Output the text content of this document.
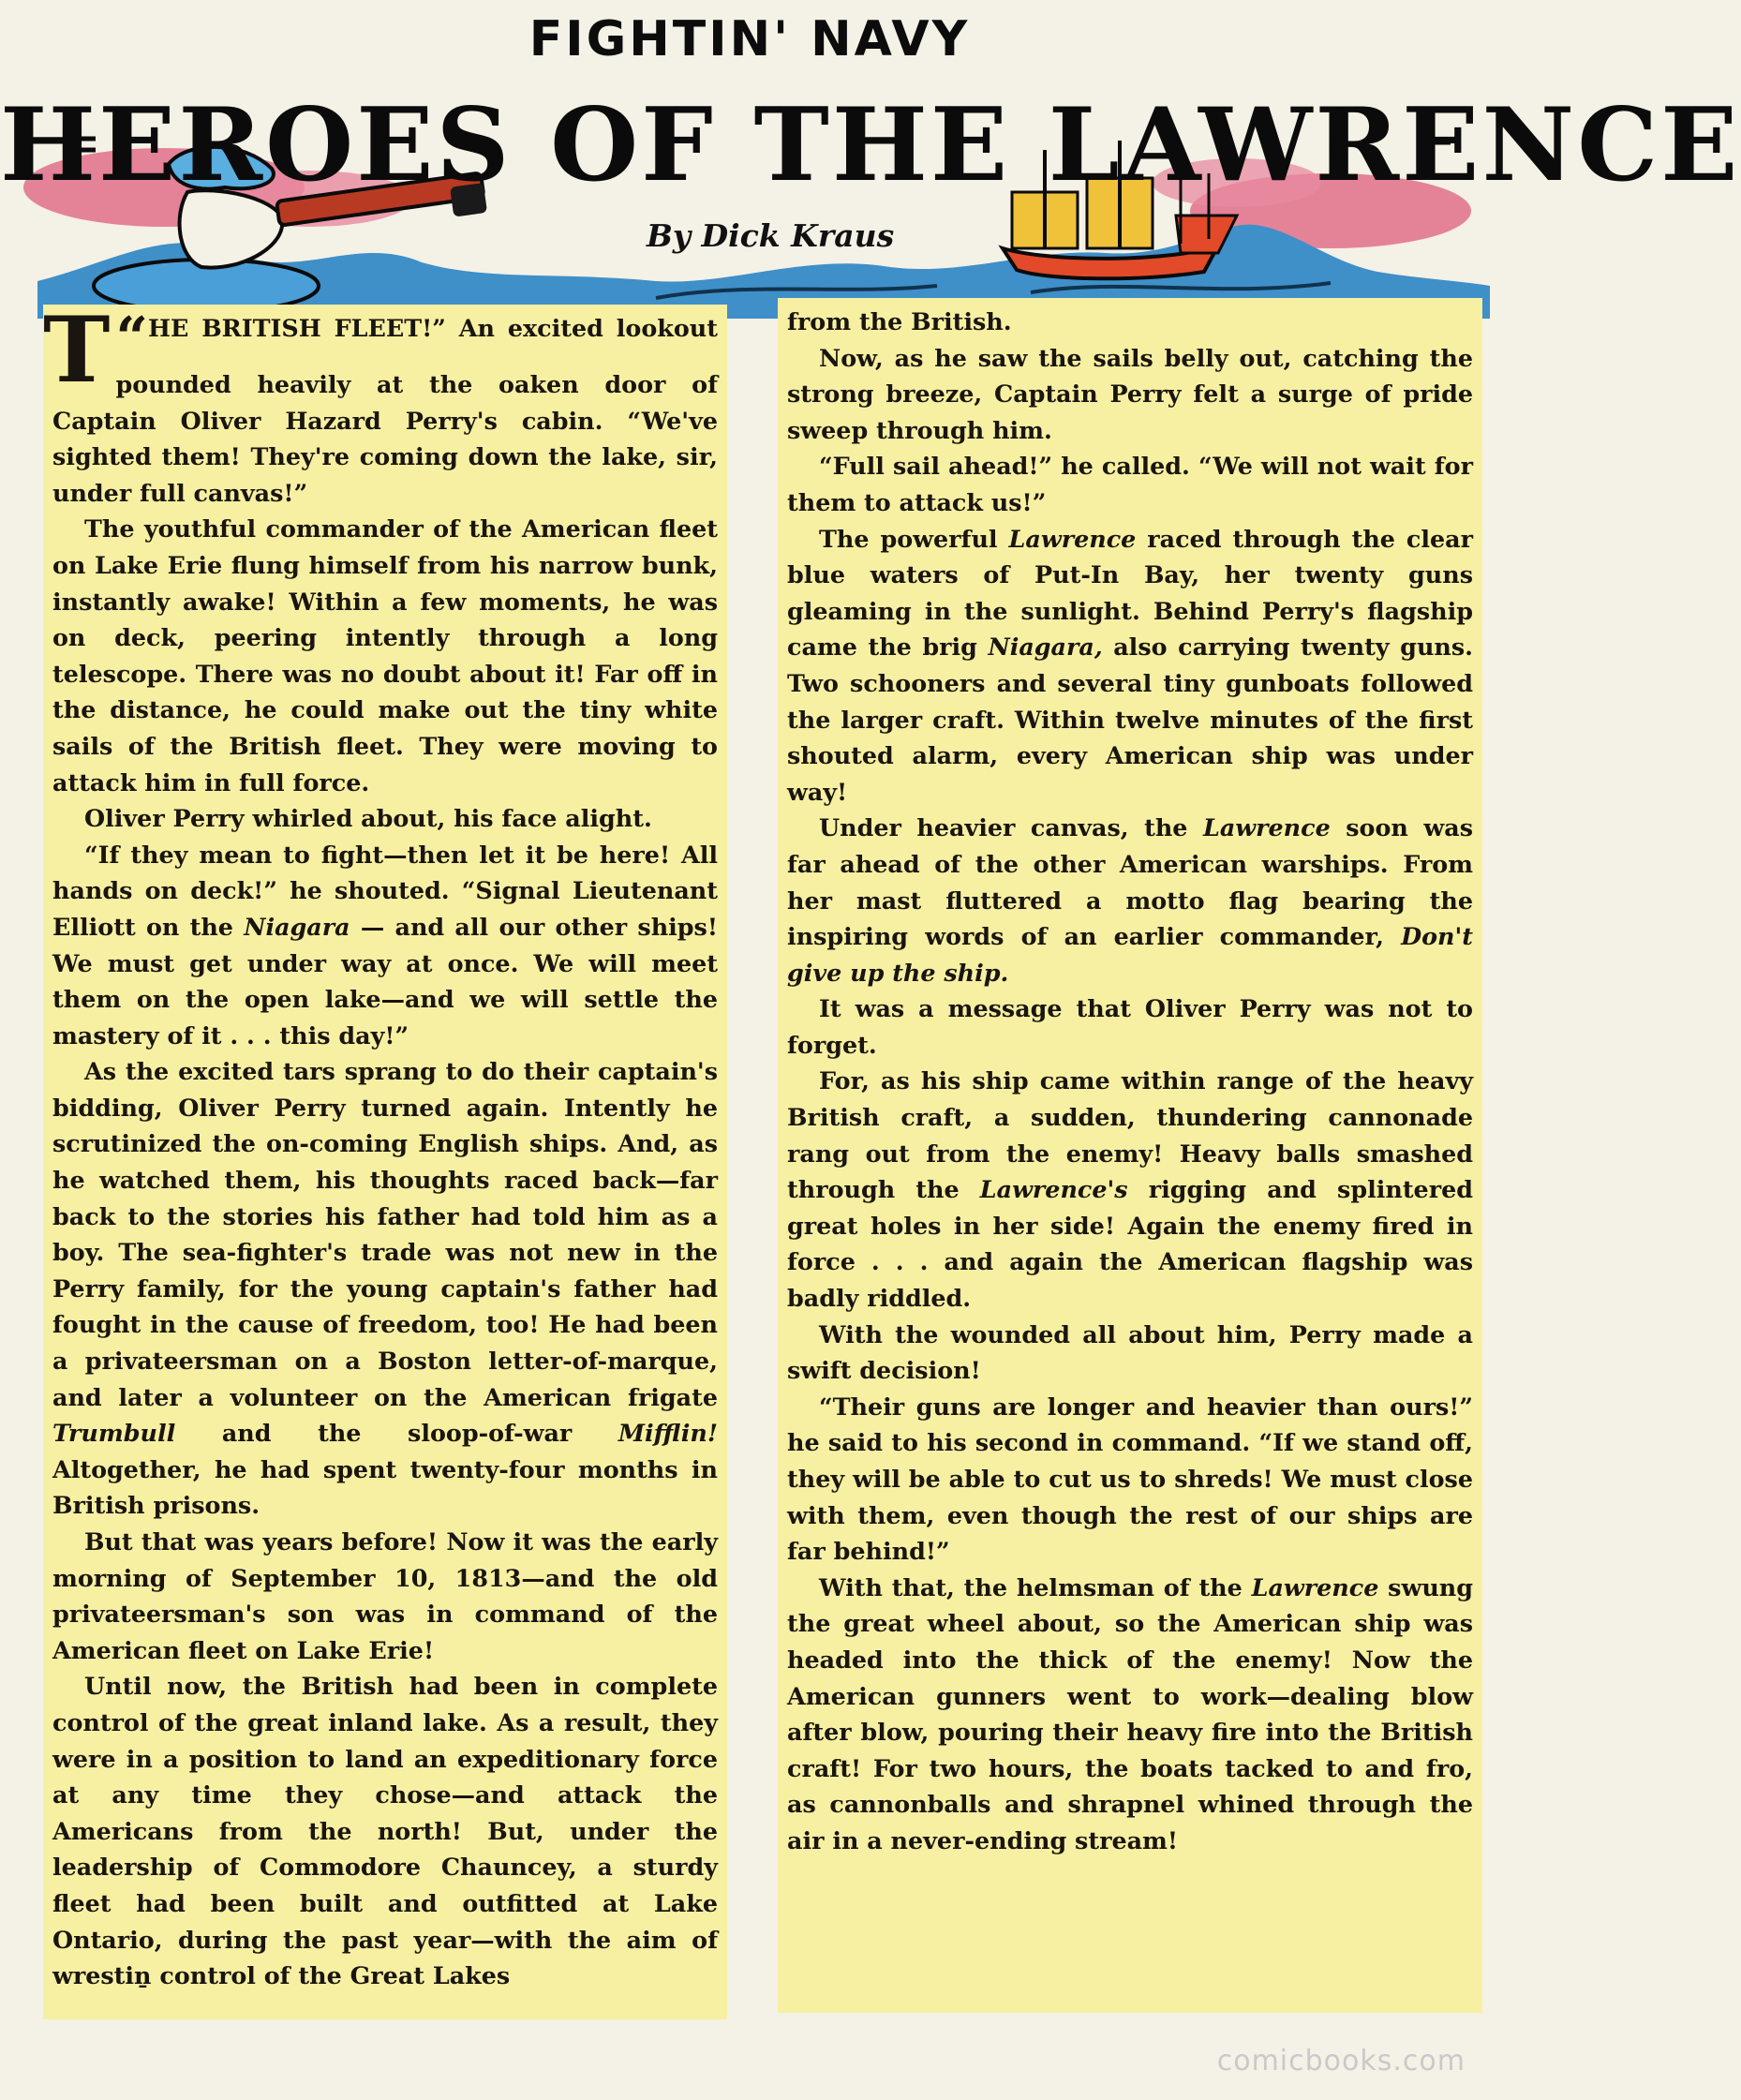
FIGHTIN' NAVY
HEROES OF THE LAWRENCE
By Dick Kraus

“
T HE BRITISH FLEET!” An excited lookout pounded heavily at the oaken door of Captain Oliver Hazard Perry's cabin. “We've sighted them! They're coming down the lake, sir, under full canvas!”

The youthful commander of the American fleet on Lake Erie flung himself from his narrow bunk, instantly awake! Within a few moments, he was on deck, peering intently through a long telescope. There was no doubt about it! Far off in the distance, he could make out the tiny white sails of the British fleet. They were moving to attack him in full force.

Oliver Perry whirled about, his face alight.

“If they mean to fight—then let it be here! All hands on deck!” he shouted. “Signal Lieutenant Elliott on the Niagara — and all our other ships! We must get under way at once. We will meet them on the open lake—and we will settle the mastery of it . . . this day!”

As the excited tars sprang to do their captain's bidding, Oliver Perry turned again. Intently he scrutinized the on-coming English ships. And, as he watched them, his thoughts raced back—far back to the stories his father had told him as a boy. The sea-fighter's trade was not new in the Perry family, for the young captain's father had fought in the cause of freedom, too! He had been a privateersman on a Boston letter-of-marque, and later a volunteer on the American frigate Trumbull and the sloop-of-war Mifflin! Altogether, he had spent twenty-four months in British prisons.

But that was years before! Now it was the early morning of September 10, 1813—and the old privateersman's son was in command of the American fleet on Lake Erie!

Until now, the British had been in complete control of the great inland lake. As a result, they were in a position to land an expeditionary force at any time they chose—and attack the Americans from the north! But, under the leadership of Commodore Chauncey, a sturdy fleet had been built and outfitted at Lake Ontario, during the past year—with the aim of wrestiṉ control of the Great Lakes

from the British.

Now, as he saw the sails belly out, catching the strong breeze, Captain Perry felt a surge of pride sweep through him.

“Full sail ahead!” he called. “We will not wait for them to attack us!”

The powerful Lawrence raced through the clear blue waters of Put-In Bay, her twenty guns gleaming in the sunlight. Behind Perry's flagship came the brig Niagara, also carrying twenty guns. Two schooners and several tiny gunboats followed the larger craft. Within twelve minutes of the first shouted alarm, every American ship was under way!

Under heavier canvas, the Lawrence soon was far ahead of the other American warships. From her mast fluttered a motto flag bearing the inspiring words of an earlier commander, Don't give up the ship.

It was a message that Oliver Perry was not to forget.

For, as his ship came within range of the heavy British craft, a sudden, thundering cannonade rang out from the enemy! Heavy balls smashed through the Lawrence's rigging and splintered great holes in her side! Again the enemy fired in force . . . and again the American flagship was badly riddled.

With the wounded all about him, Perry made a swift decision!

“Their guns are longer and heavier than ours!” he said to his second in command. “If we stand off, they will be able to cut us to shreds! We must close with them, even though the rest of our ships are far behind!”

With that, the helmsman of the Lawrence swung the great wheel about, so the American ship was headed into the thick of the enemy! Now the American gunners went to work—dealing blow after blow, pouring their heavy fire into the British craft! For two hours, the boats tacked to and fro, as cannonballs and shrapnel whined through the air in a never-ending stream!

comicbooks.com
